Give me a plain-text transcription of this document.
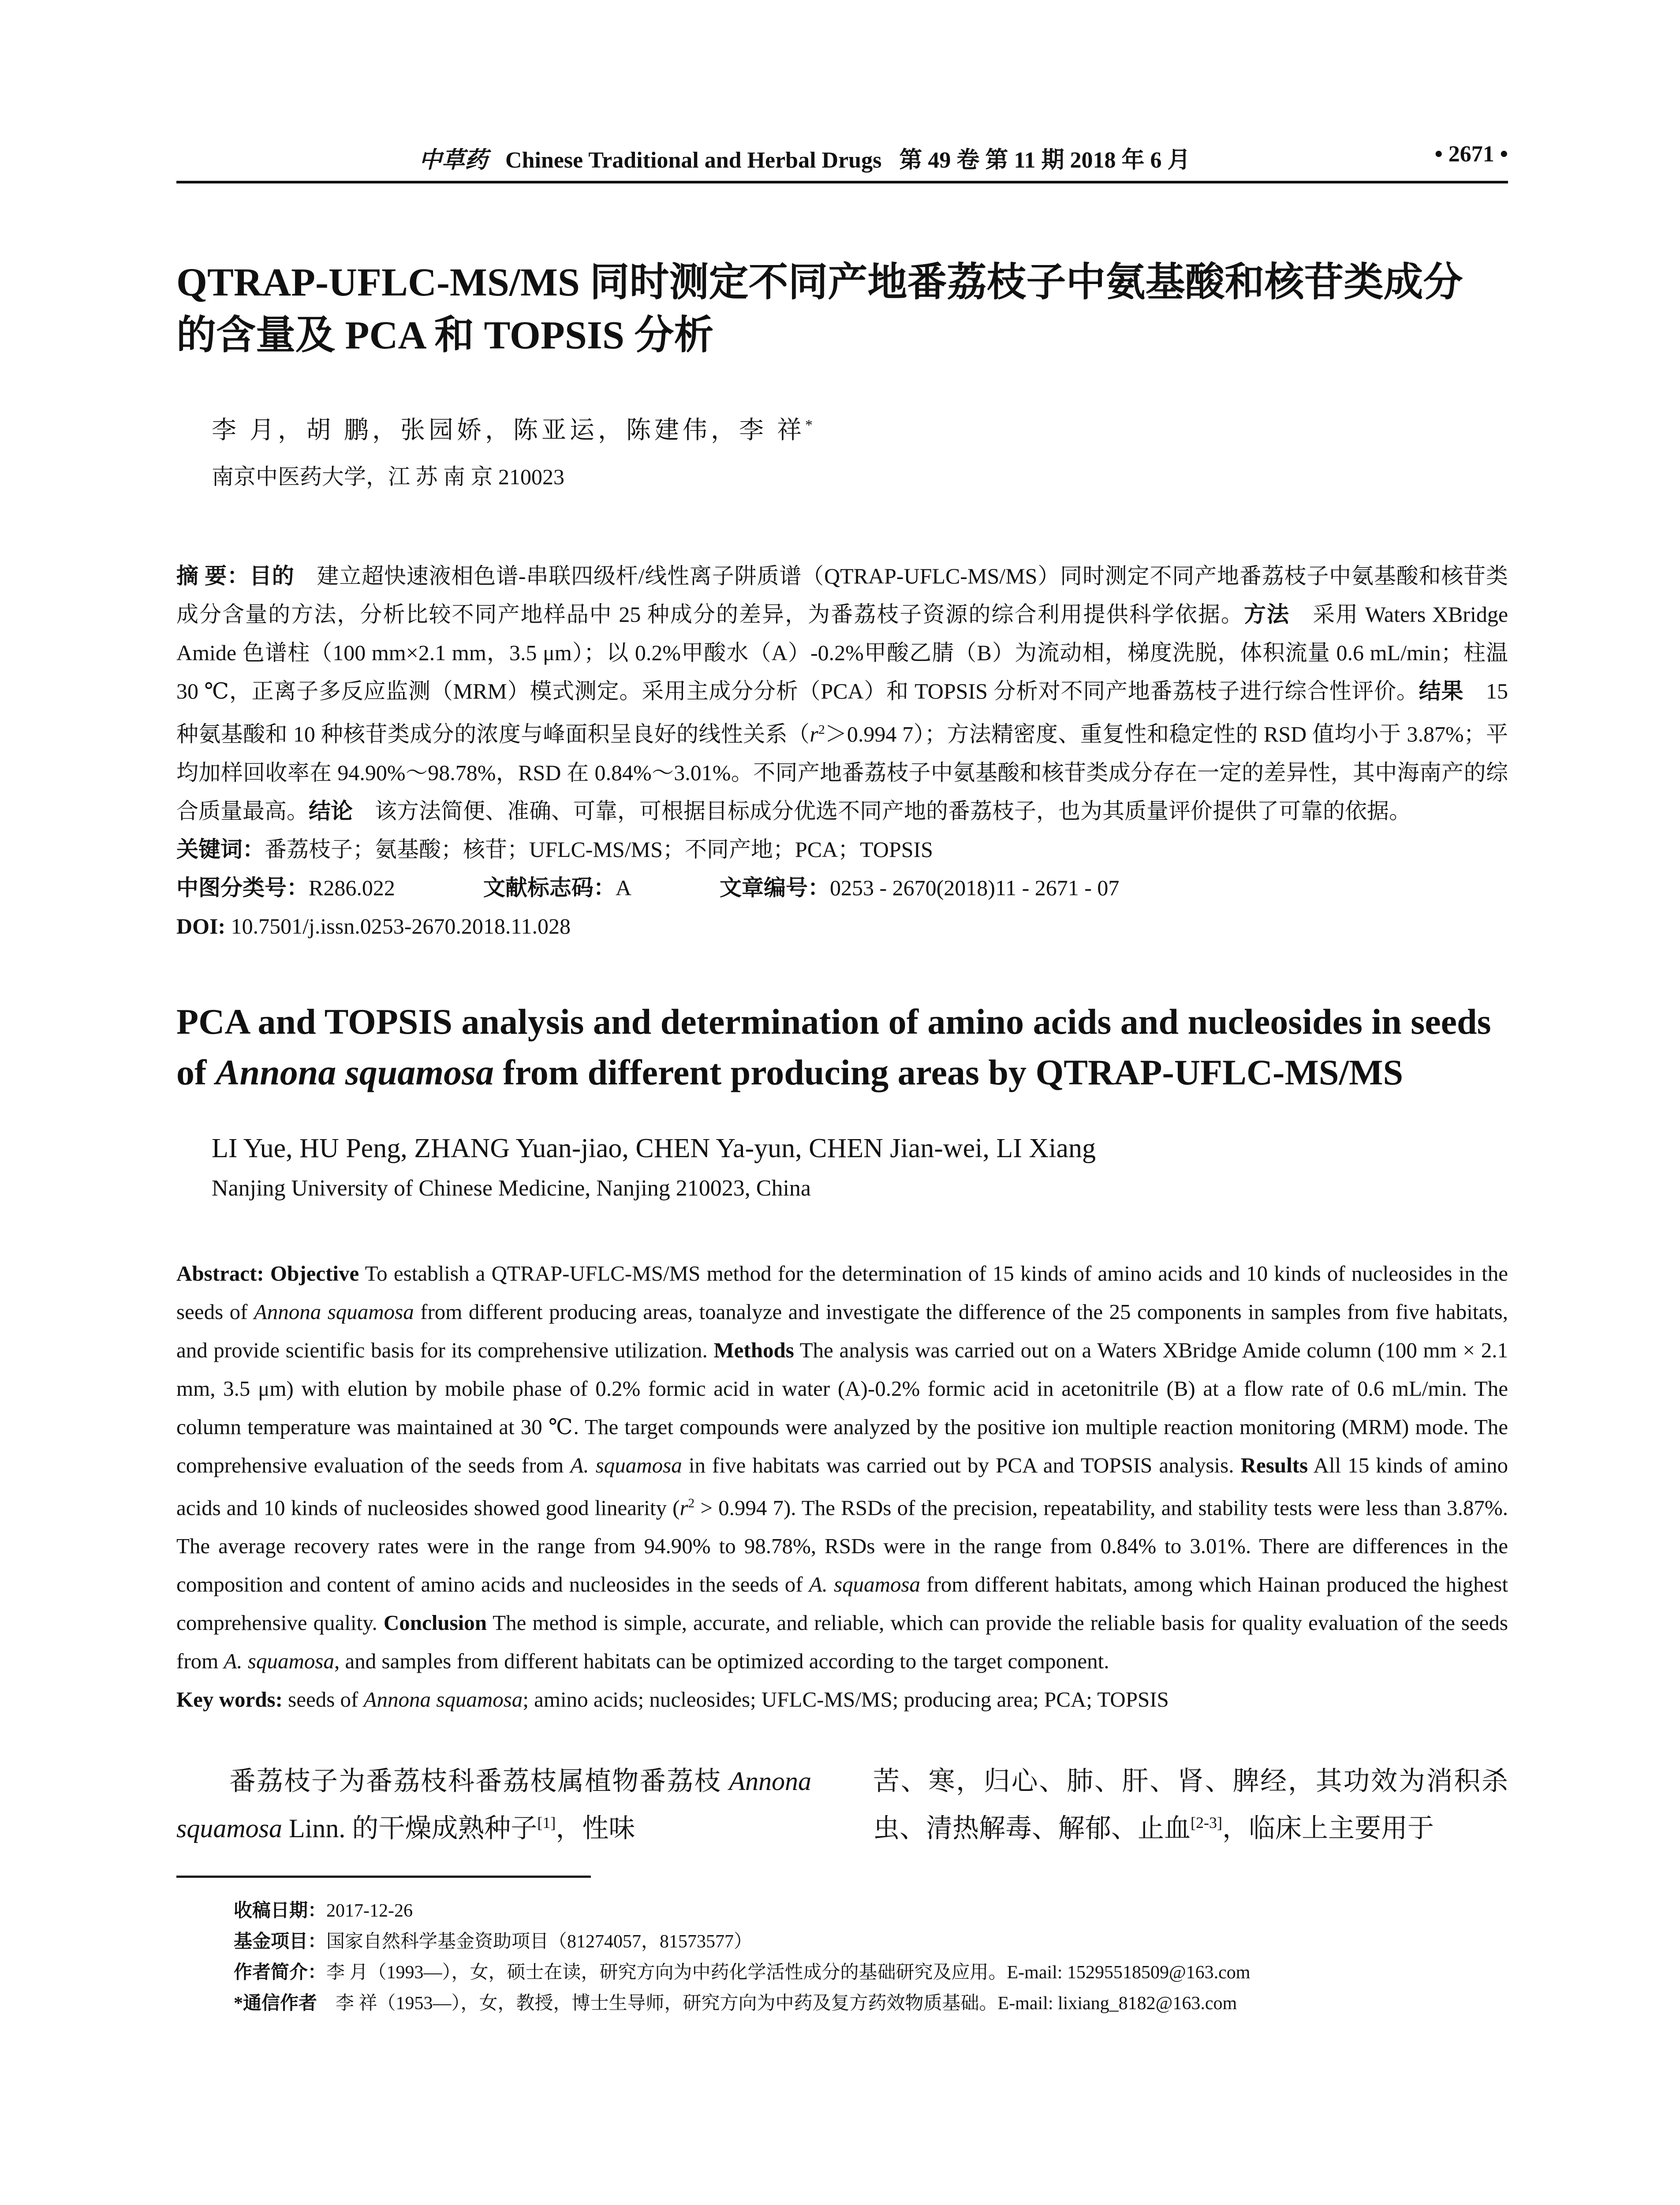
中草药 Chinese Traditional and Herbal Drugs 第 49 卷 第 11 期 2018 年 6 月	• 2671 •
QTRAP-UFLC-MS/MS 同时测定不同产地番荔枝子中氨基酸和核苷类成分的含量及 PCA 和 TOPSIS 分析
李 月，胡 鹏，张园娇，陈亚运，陈建伟，李 祥*
南京中医药大学，江 苏 南 京 210023

摘 要：目的　 建立超快速液相色谱-串联四级杆/线性离子阱质谱（QTRAP-UFLC-MS/MS）同时测定不同产地番荔枝子中氨基酸和核苷类成分含量的方法，分析比较不同产地样品中 25 种成分的差异，为番荔枝子资源的综合利用提供科学依据。方法　 采用 Waters XBridge Amide 色谱柱（100 mm×2.1 mm，3.5 μm）；以 0.2%甲酸水（A）-0.2%甲酸乙腈（B）为流动相，梯度洗脱，体积流量 0.6 mL/min；柱温 30 ℃，正离子多反应监测（MRM）模式测定。采用主成分分析（PCA）和 TOPSIS 分析对不同产地番荔枝子进行综合性评价。结果　 15 种氨基酸和 10 种核苷类成分的浓度与峰面积呈良好的线性关系（$r^2>0.994$ 7）；方法精密度、重复性和稳定性的 RSD 值均小于 3.87%；平均加样回收率在 94.90%～98.78%，RSD 在 0.84%～3.01%。不同产地番荔枝子中氨基酸和核苷类成分存在一定的差异性，其中海南产的综合质量最高。结论　 该方法简便、准确、可靠，可根据目标成分优选不同产地的番荔枝子，也为其质量评价提供了可靠的依据。

关键词：番荔枝子；氨基酸；核苷；UFLC-MS/MS；不同产地；PCA；TOPSIS

中图分类号：R286.022	文献标志码：A	文章编号：0253 - 2670(2018)11 - 2671 - 07

DOI: 10.7501/j.issn.0253-2670.2018.11.028

PCA and TOPSIS analysis and determination of amino acids and nucleosides in seeds of Annona squamosa from different producing areas by QTRAP-UFLC-MS/MS
LI Yue, HU Peng, ZHANG Yuan-jiao, CHEN Ya-yun, CHEN Jian-wei, LI Xiang
Nanjing University of Chinese Medicine, Nanjing 210023, China

Abstract: Objective To establish a QTRAP-UFLC-MS/MS method for the determination of 15 kinds of amino acids and 10 kinds of nucleosides in the seeds of Annona squamosa from different producing areas, toanalyze and investigate the difference of the 25 components in samples from five habitats, and provide scientific basis for its comprehensive utilization. Methods The analysis was carried out on a Waters XBridge Amide column (100 mm × 2.1 mm, 3.5 μm) with elution by mobile phase of 0.2% formic acid in water (A)-0.2% formic acid in acetonitrile (B) at a flow rate of 0.6 mL/min. The column temperature was maintained at 30 ℃. The target compounds were analyzed by the positive ion multiple reaction monitoring (MRM) mode. The comprehensive evaluation of the seeds from A. squamosa in five habitats was carried out by PCA and TOPSIS analysis. Results All 15 kinds of amino acids and 10 kinds of nucleosides showed good linearity ($r^2 > 0.994$ 7). The RSDs of the precision, repeatability, and stability tests were less than 3.87%. The average recovery rates were in the range from 94.90% to 98.78%, RSDs were in the range from 0.84% to 3.01%. There are differences in the composition and content of amino acids and nucleosides in the seeds of A. squamosa from different habitats, among which Hainan produced the highest comprehensive quality. Conclusion The method is simple, accurate, and reliable, which can provide the reliable basis for quality evaluation of the seeds from A. squamosa, and samples from different habitats can be optimized according to the target component.

Key words: seeds of Annona squamosa; amino acids; nucleosides; UFLC-MS/MS; producing area; PCA; TOPSIS

番荔枝子为番荔枝科番荔枝属植物番荔枝 Annona squamosa Linn. 的干燥成熟种子[1]，性味

苦、寒，归心、肺、肝、肾、脾经，其功效为消积杀虫、清热解毒、解郁、止血[2-3]，临床上主要用于

收稿日期：2017-12-26

基金项目：国家自然科学基金资助项目（81274057，81573577）

作者简介：李 月（1993—），女，硕士在读，研究方向为中药化学活性成分的基础研究及应用。E-mail: 15295518509@163.com

*通信作者　 李 祥（1953—），女，教授，博士生导师，研究方向为中药及复方药效物质基础。E-mail: lixiang_8182@163.com
